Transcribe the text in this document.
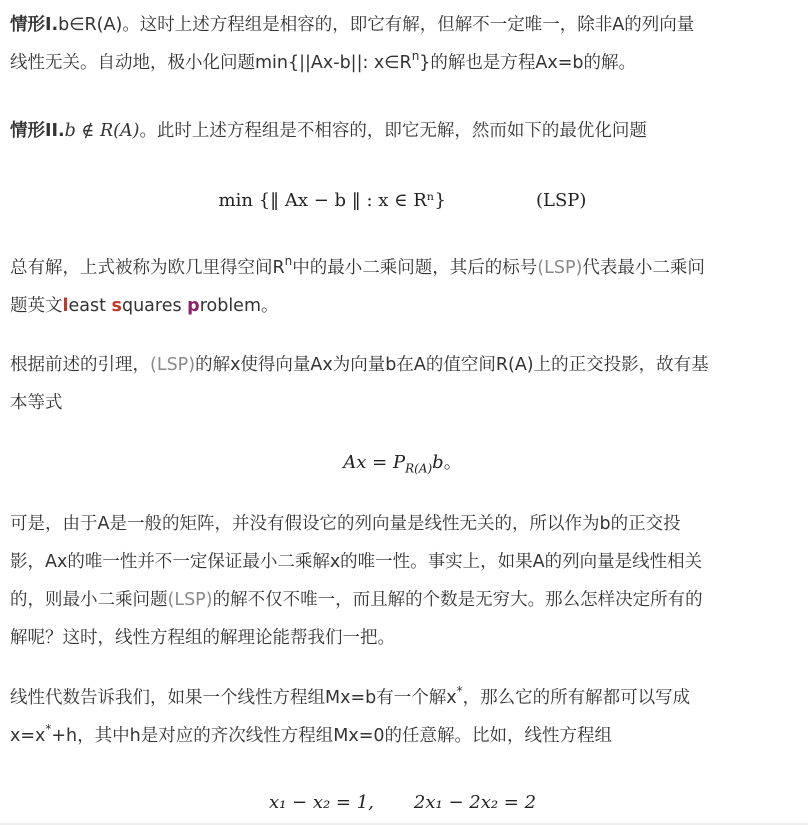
情形I.b∈R(A)。这时上述方程组是相容的，即它有解，但解不一定唯一，除非A的列向量
线性无关。自动地，极小化问题min{||Ax-b||: $x\in R^n$}的解也是方程Ax=b的解。
情形II.b ∉ R(A)。此时上述方程组是不相容的，即它无解，然而如下的最优化问题
min {‖ Ax − b ‖ : x ∈ Rⁿ}	(LSP)
总有解，上式被称为欧几里得空间$R^n$中的最小二乘问题，其后的标号(LSP)代表最小二乘问
题英文least squares problem。
根据前述的引理，(LSP)的解x使得向量Ax为向量b在A的值空间R(A)上的正交投影，故有基
本等式
$Ax = P_{R(A)}b$。
可是，由于A是一般的矩阵，并没有假设它的列向量是线性无关的，所以作为b的正交投
影，Ax的唯一性并不一定保证最小二乘解x的唯一性。事实上，如果A的列向量是线性相关
的，则最小二乘问题(LSP)的解不仅不唯一，而且解的个数是无穷大。那么怎样决定所有的
解呢？这时，线性方程组的解理论能帮我们一把。
线性代数告诉我们，如果一个线性方程组Mx=b有一个解x*，那么它的所有解都可以写成
x=x*+h，其中h是对应的齐次线性方程组Mx=0的任意解。比如，线性方程组
x₁ − x₂ = 1, 2x₁ − 2x₂ = 2
